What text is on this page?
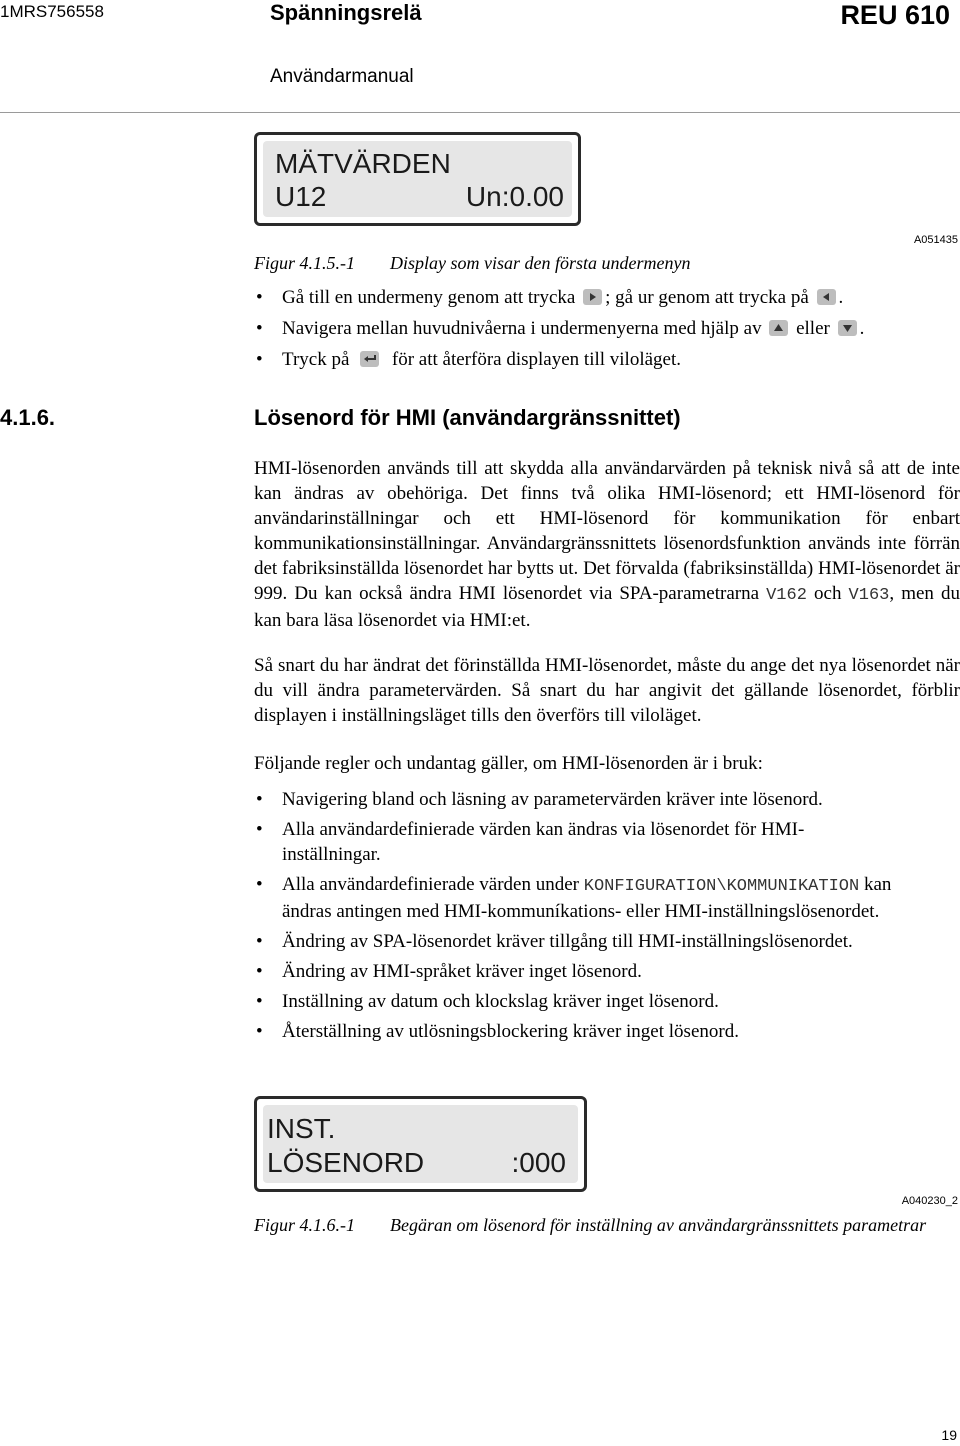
1MRS756558	Spänningsrelä	REU 610
Användarmanual
MÄTVÄRDEN
U12	Un:0.00
A051435
Figur 4.1.5.-1 Display som visar den första undermenyn
• Gå till en undermeny genom att trycka ; gå ur genom att trycka på .
• Navigera mellan huvudnivåerna i undermenyerna med hjälp av eller .
• Tryck på för att återföra displayen till viloläget.
4.1.6.	Lösenord för HMI (användargränssnittet)
HMI-lösenorden används till att skydda alla användarvärden på teknisk nivå så att de inte kan ändras av obehöriga. Det finns två olika HMI-lösenord; ett HMI-lösenord för användarinställningar och ett HMI-lösenord för kommunikation för enbart kommunikationsinställningar. Användargränssnittets lösenordsfunktion används inte förrän det fabriksinställda lösenordet har bytts ut. Det förvalda (fabriksinställda) HMI-lösenordet är 999. Du kan också ändra HMI lösenordet via SPA-parametrarna V162 och V163, men du kan bara läsa lösenordet via HMI:et.
Så snart du har ändrat det förinställda HMI-lösenordet, måste du ange det nya lösenordet när du vill ändra parametervärden. Så snart du har angivit det gällande lösenordet, förblir displayen i inställningsläget tills den överförs till viloläget.
Följande regler och undantag gäller, om HMI-lösenorden är i bruk:
• Navigering bland och läsning av parametervärden kräver inte lösenord.
• Alla användardefinierade värden kan ändras via lösenordet för HMI-inställningar.
• Alla användardefinierade värden under KONFIGURATION\KOMMUNIKATION kan ändras antingen med HMI-kommuníkations- eller HMI-inställningslösenordet.
• Ändring av SPA-lösenordet kräver tillgång till HMI-inställningslösenordet.
• Ändring av HMI-språket kräver inget lösenord.
• Inställning av datum och klockslag kräver inget lösenord.
• Återställning av utlösningsblockering kräver inget lösenord.
INST.
LÖSENORD	:000
A040230_2
Figur 4.1.6.-1 Begäran om lösenord för inställning av användargränssnittets parametrar
19
